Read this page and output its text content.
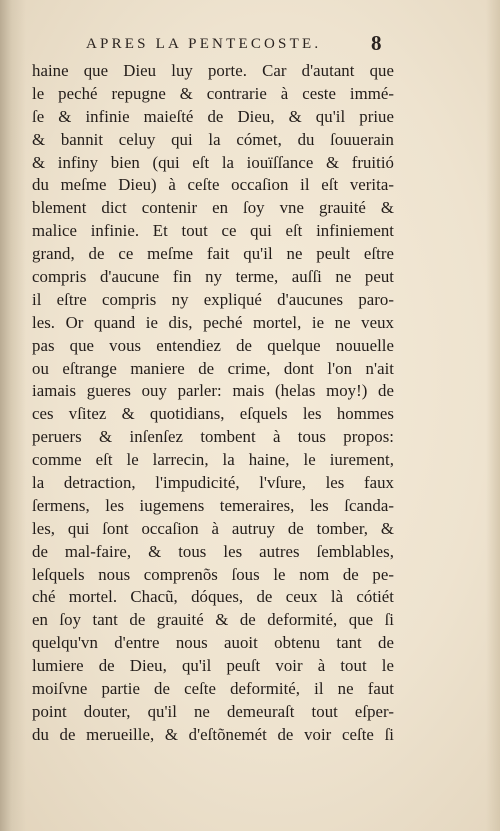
APRES LA PENTECOSTE.	8
haine que Dieu luy porte. Car d'autant que
le peché repugne & contrarie à ceste immé-
ſe & infinie maieſté de Dieu, & qu'il priue
& bannit celuy qui la cómet, du ſouuerain
& infiny bien (qui eſt la iouïſſance & fruitió
du meſme Dieu) à ceſte occaſion il eſt verita-
blement dict contenir en ſoy vne grauité &
malice infinie. Et tout ce qui eſt infiniement
grand, de ce meſme fait qu'il ne peult eſtre
compris d'aucune fin ny terme, auſſi ne peut
il eſtre compris ny expliqué d'aucunes paro-
les. Or quand ie dis, peché mortel, ie ne veux
pas que vous entendiez de quelque nouuelle
ou eſtrange maniere de crime, dont l'on n'ait
iamais gueres ouy parler: mais (helas moy!) de
ces vſitez & quotidians, eſquels les hommes
peruers & inſenſez tombent à tous propos:
comme eſt le larrecin, la haine, le iurement,
la detraction, l'impudicité, l'vſure, les faux
ſermens, les iugemens temeraires, les ſcanda-
les, qui ſont occaſion à autruy de tomber, &
de mal-faire, & tous les autres ſemblables,
leſquels nous comprenõs ſous le nom de pe-
ché mortel. Chacũ, dóques, de ceux là cótiét
en ſoy tant de grauité & de deformité, que ſi
quelqu'vn d'entre nous auoit obtenu tant de
lumiere de Dieu, qu'il peuſt voir à tout le
moiſvne partie de ceſte deformité, il ne faut
point douter, qu'il ne demeuraſt tout eſper-
du de merueille, & d'eſtõnemét de voir ceſte ſi
